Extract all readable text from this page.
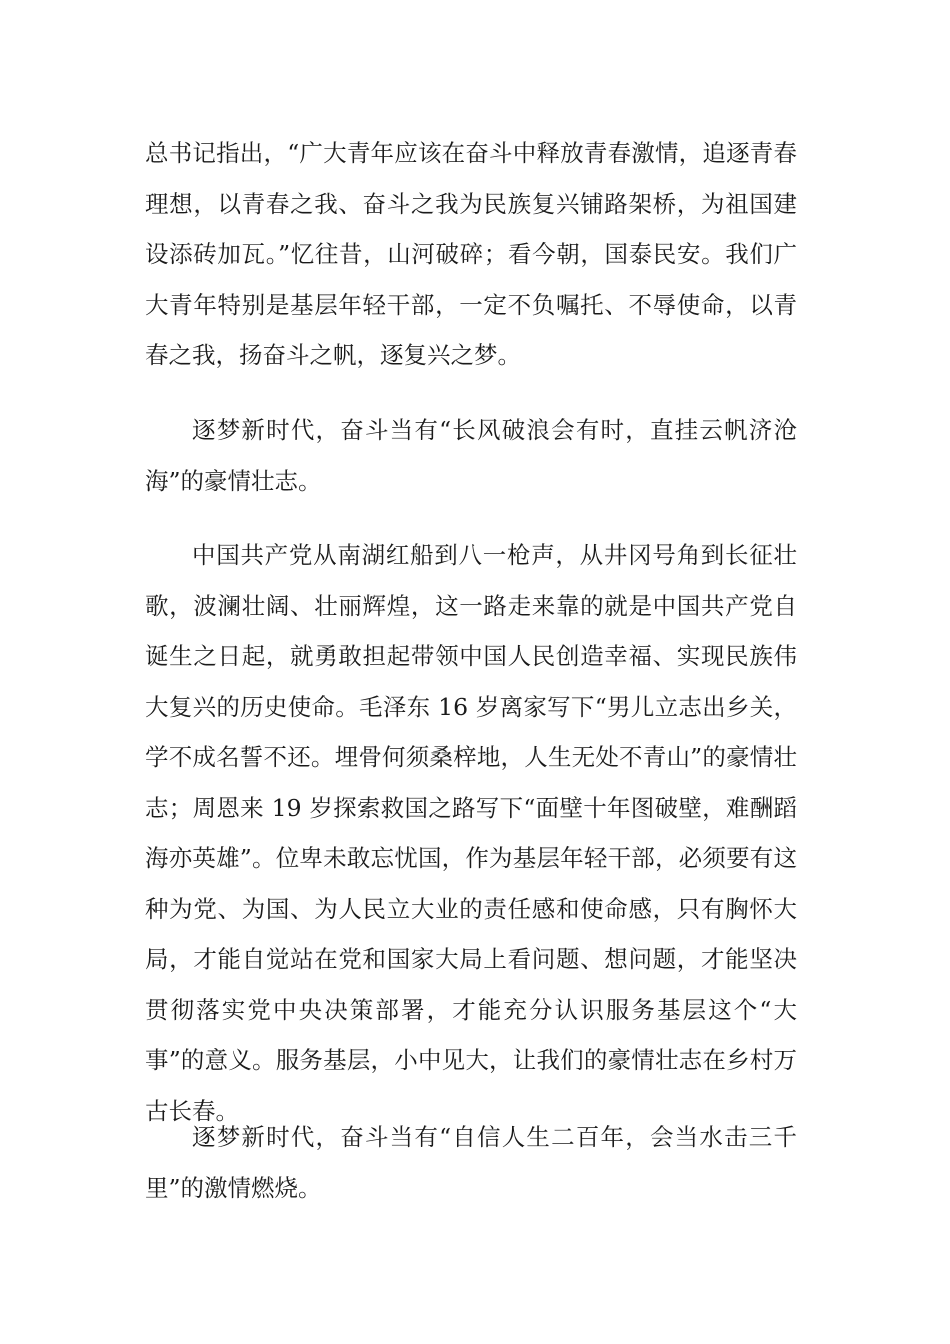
总书记指出，“广大青年应该在奋斗中释放青春激情，追逐青春理想，以青春之我、奋斗之我为民族复兴铺路架桥，为祖国建设添砖加瓦。”忆往昔，山河破碎；看今朝，国泰民安。我们广大青年特别是基层年轻干部，一定不负嘱托、不辱使命，以青春之我，扬奋斗之帆，逐复兴之梦。

逐梦新时代，奋斗当有“长风破浪会有时，直挂云帆济沧海”的豪情壮志。

中国共产党从南湖红船到八一枪声，从井冈号角到长征壮歌，波澜壮阔、壮丽辉煌，这一路走来靠的就是中国共产党自诞生之日起，就勇敢担起带领中国人民创造幸福、实现民族伟大复兴的历史使命。毛泽东 16 岁离家写下“男儿立志出乡关，学不成名誓不还。埋骨何须桑梓地，人生无处不青山”的豪情壮志；周恩来 19 岁探索救国之路写下“面壁十年图破壁，难酬蹈海亦英雄”。位卑未敢忘忧国，作为基层年轻干部，必须要有这种为党、为国、为人民立大业的责任感和使命感，只有胸怀大局，才能自觉站在党和国家大局上看问题、想问题，才能坚决贯彻落实党中央决策部署，才能充分认识服务基层这个“大事”的意义。服务基层，小中见大，让我们的豪情壮志在乡村万古长春。

逐梦新时代，奋斗当有“自信人生二百年，会当水击三千里”的激情燃烧。
